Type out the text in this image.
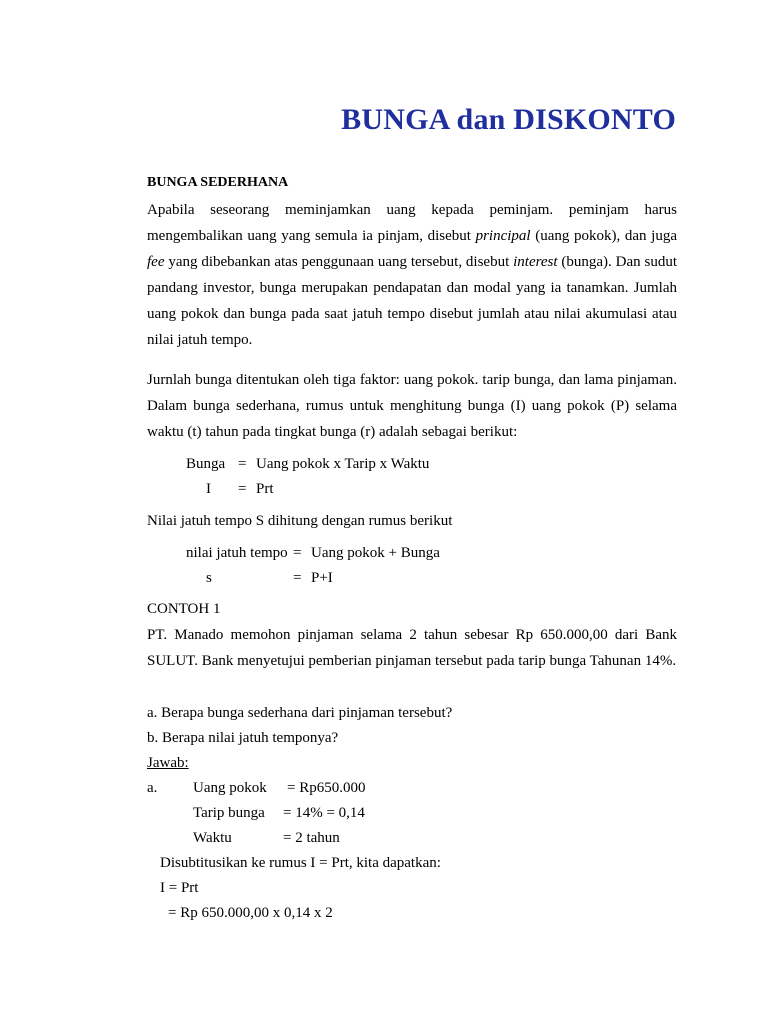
BUNGA dan DISKONTO
BUNGA SEDERHANA

Apabila seseorang meminjamkan uang kepada peminjam. peminjam harus mengembalikan uang yang semula ia pinjam, disebut principal (uang pokok), dan juga fee yang dibebankan atas penggunaan uang tersebut, disebut interest (bunga). Dan sudut pandang investor, bunga merupakan pendapatan dan modal yang ia tanamkan. Jumlah uang pokok dan bunga pada saat jatuh tempo disebut jumlah atau nilai akumulasi atau nilai jatuh tempo.

Jurnlah bunga ditentukan oleh tiga faktor: uang pokok. tarip bunga, dan lama pinjaman. Dalam bunga sederhana, rumus untuk menghitung bunga (I) uang pokok (P) selama waktu (t) tahun pada tingkat bunga (r) adalah sebagai berikut:

Bunga = Uang pokok x Tarip x Waktu
I = Prt
Nilai jatuh tempo S dihitung dengan rumus berikut
nilai jatuh tempo = Uang pokok + Bunga
s	= P+I
CONTOH 1

PT. Manado memohon pinjaman selama 2 tahun sebesar Rp 650.000,00 dari Bank SULUT. Bank menyetujui pemberian pinjaman tersebut pada tarip bunga Tahunan 14%.

a. Berapa bunga sederhana dari pinjaman tersebut?
b. Berapa nilai jatuh temponya?
Jawab:
a. Uang pokok = Rp650.000
Tarip bunga = 14% = 0,14
Waktu	= 2 tahun
Disubtitusikan ke rumus I = Prt, kita dapatkan:
I = Prt
= Rp 650.000,00 x 0,14 x 2
